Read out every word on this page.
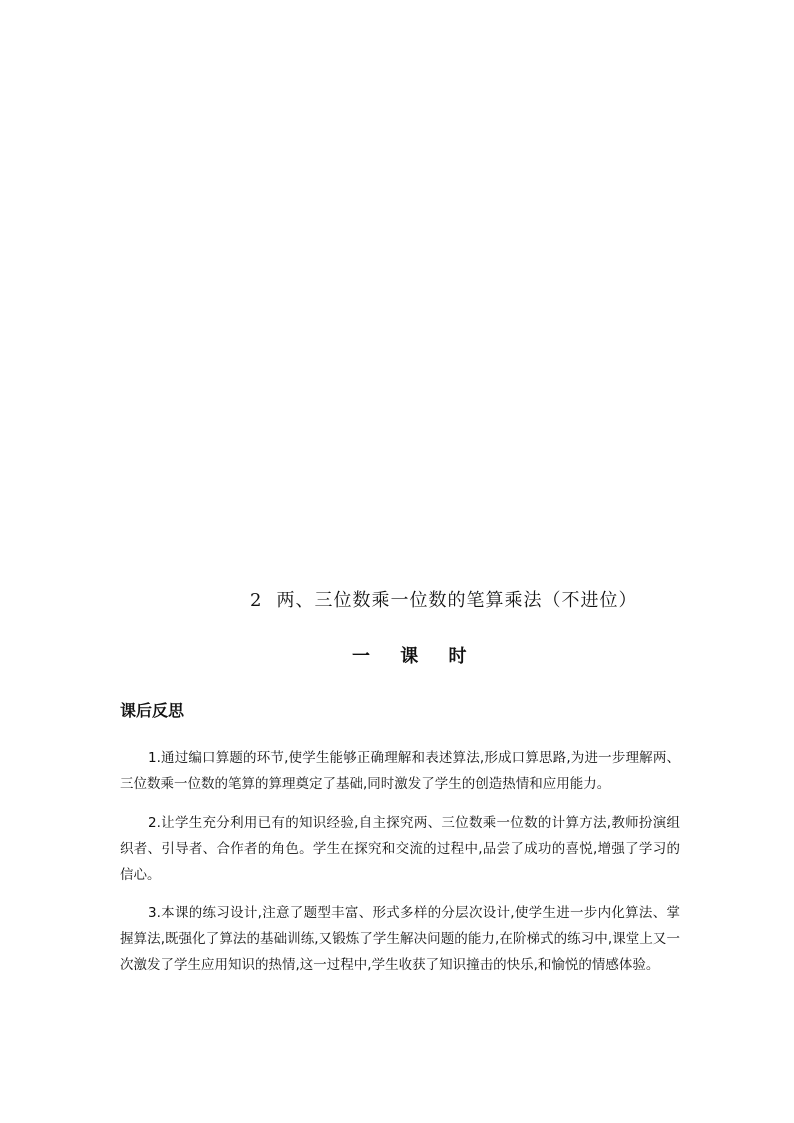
2 两、三位数乘一位数的笔算乘法（不进位）
一 课 时
课后反思

1.通过编口算题的环节,使学生能够正确理解和表述算法,形成口算思路,为进一步理解两、三位数乘一位数的笔算的算理奠定了基础,同时激发了学生的创造热情和应用能力。

2.让学生充分利用已有的知识经验,自主探究两、三位数乘一位数的计算方法,教师扮演组织者、引导者、合作者的角色。学生在探究和交流的过程中,品尝了成功的喜悦,增强了学习的信心。

3.本课的练习设计,注意了题型丰富、形式多样的分层次设计,使学生进一步内化算法、掌握算法,既强化了算法的基础训练,又锻炼了学生解决问题的能力,在阶梯式的练习中,课堂上又一次激发了学生应用知识的热情,这一过程中,学生收获了知识撞击的快乐,和愉悦的情感体验。
